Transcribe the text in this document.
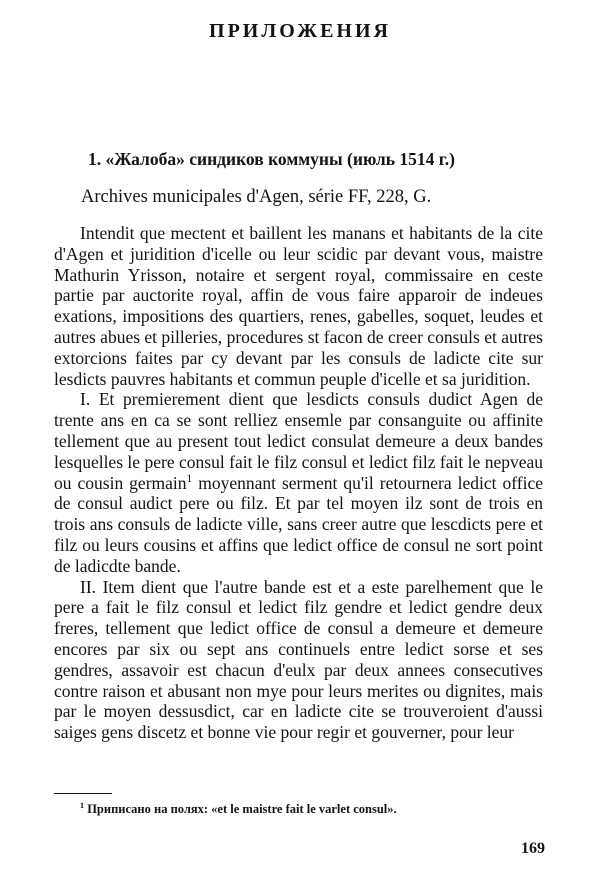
ПРИЛОЖЕНИЯ
1. «Жалоба» синдиков коммуны (июль 1514 г.)
Archives municipales d'Agen, série FF, 228, G.

Intendit que mectent et baillent les manans et habitants de la cite d'Agen et juridition d'icelle ou leur scidic par devant vous, maistre Mathurin Yrisson, notaire et sergent royal, commissaire en ceste partie par auctorite royal, affin de vous faire apparoir de indeues exations, impositions des quartiers, renes, gabelles, soquet, leudes et autres abues et pilleries, procedures st facon de creer consuls et autres extorcions faites par cy devant par les consuls de ladicte cite sur lesdicts pauvres habitants et commun peuple d'icelle et sa juridition.

I. Et premierement dient que lesdicts consuls dudict Agen de trente ans en ca se sont relliez ensemle par consanguite ou affinite tellement que au present tout ledict consulat demeure a deux bandes lesquelles le pere consul fait le filz consul et ledict filz fait le nepveau ou cousin germain$^1$ moyennant serment qu'il retournera ledict office de consul audict pere ou filz. Et par tel moyen ilz sont de trois en trois ans consuls de ladicte ville, sans creer autre que lescdicts pere et filz ou leurs cousins et affins que ledict office de consul ne sort point de ladicdte bande.

II. Item dient que l'autre bande est et a este parelhement que le pere a fait le filz consul et ledict filz gendre et ledict gendre deux freres, tellement que ledict office de consul a demeure et demeure encores par six ou sept ans continuels entre ledict sorse et ses gendres, assavoir est chacun d'eulx par deux annees consecutives contre raison et abusant non mye pour leurs merites ou dignites, mais par le moyen dessusdict, car en ladicte cite se trouveroient d'aussi saiges gens discetz et bonne vie pour regir et gouverner, pour leur

$^1$ Приписано на полях: «et le maistre fait le varlet consul».
169
